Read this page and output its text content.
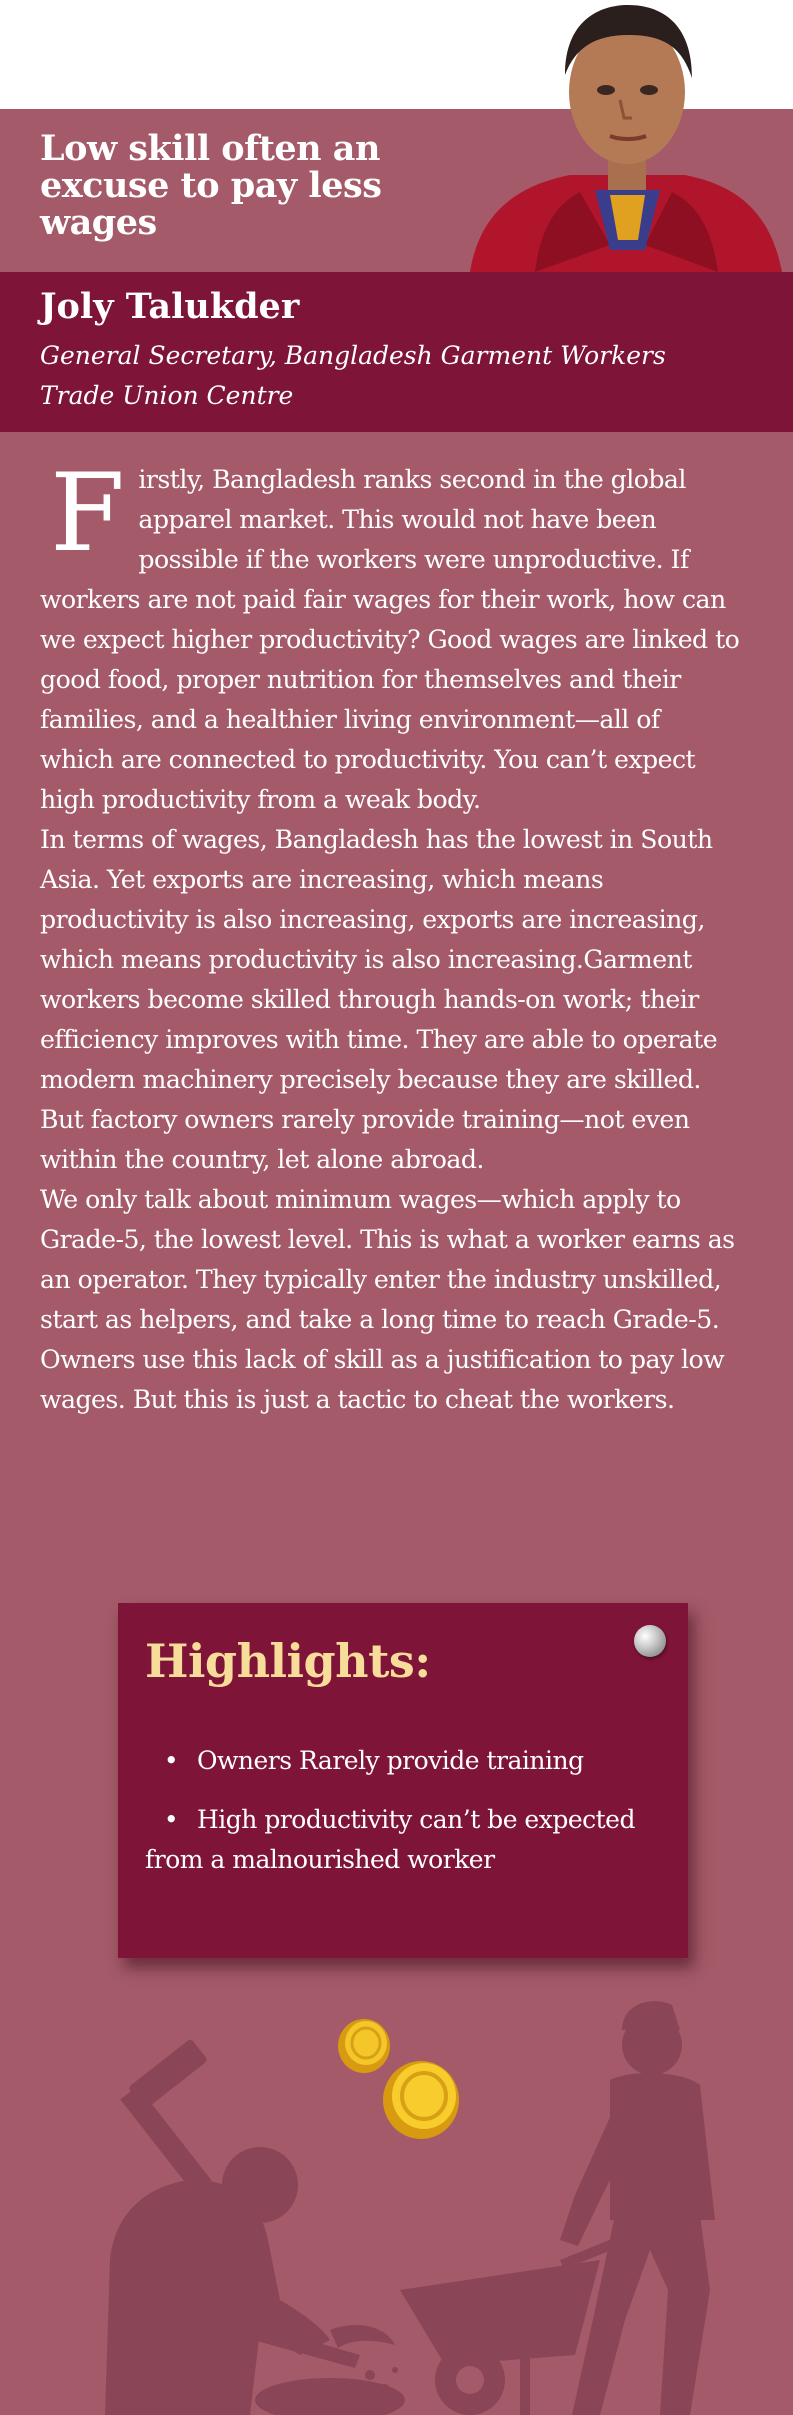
Low skill often an excuse to pay less wages
Joly Talukder

General Secretary, Bangladesh Garment Workers Trade Union Centre

F irstly, Bangladesh ranks second in the global apparel market. This would not have been possible if the workers were unproductive. If workers are not paid fair wages for their work, how can we expect higher productivity? Good wages are linked to good food, proper nutrition for themselves and their families, and a healthier living environment—all of which are connected to productivity. You can’t expect high productivity from a weak body.

In terms of wages, Bangladesh has the lowest in South Asia. Yet exports are increasing, which means productivity is also increasing, exports are increasing, which means productivity is also increasing.Garment workers become skilled through hands-on work; their efficiency improves with time. They are able to operate modern machinery precisely because they are skilled. But factory owners rarely provide training—not even within the country, let alone abroad.

We only talk about minimum wages—which apply to Grade-5, the lowest level. This is what a worker earns as an operator. They typically enter the industry unskilled, start as helpers, and take a long time to reach Grade-5. Owners use this lack of skill as a justification to pay low wages. But this is just a tactic to cheat the workers.

Highlights:

• Owners Rarely provide training

• High productivity can’t be expected from a malnourished worker
